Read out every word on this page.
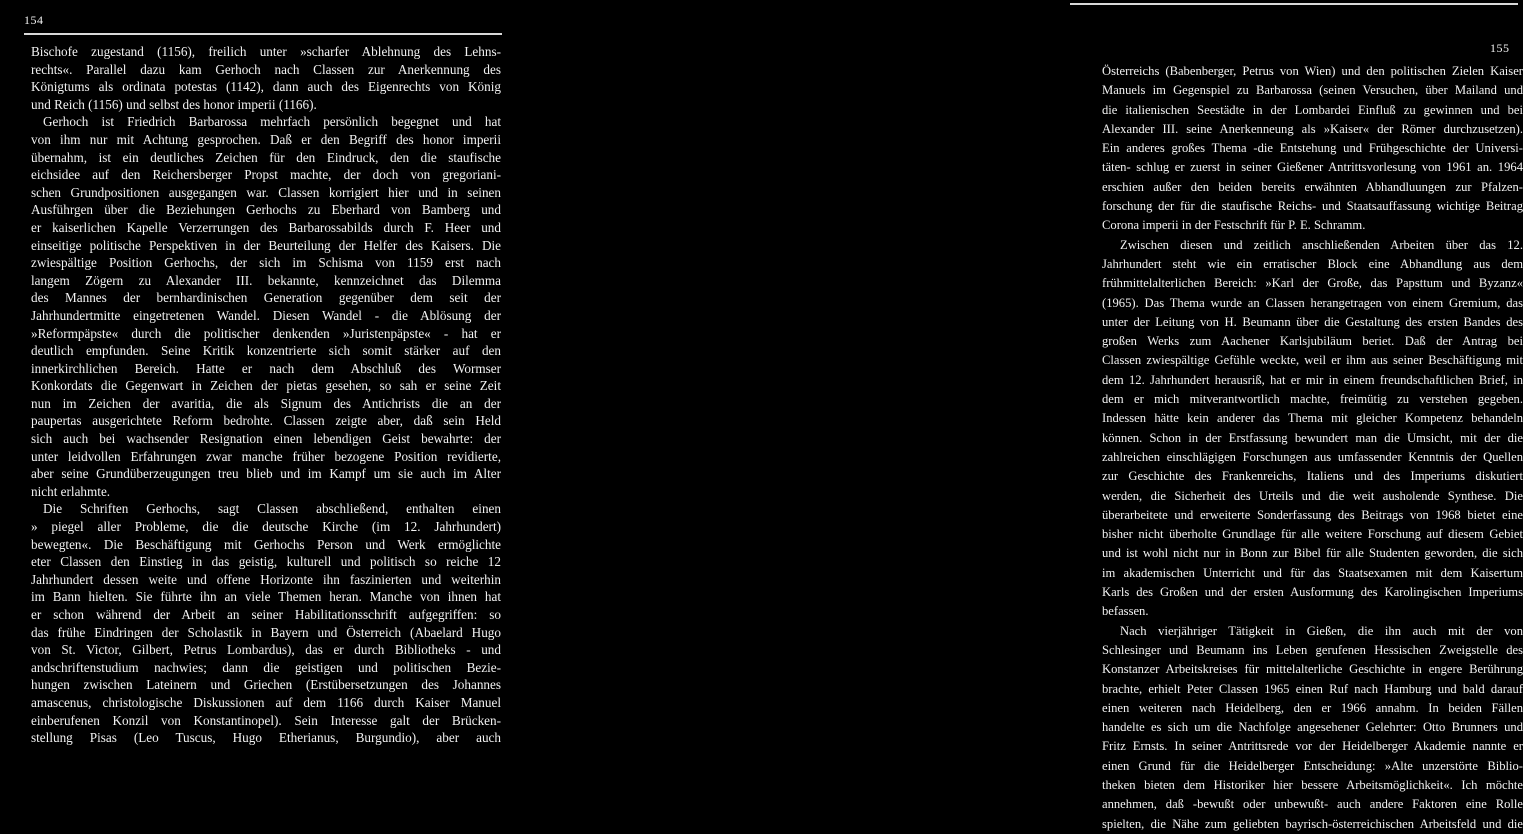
154
Bischofe zugestand (1156), freilich unter »scharfer Ablehnung des Lehns-
rechts«. Parallel dazu kam Gerhoch nach Classen zur Anerkennung des
Königtums als ordinata potestas (1142), dann auch des Eigenrechts von König
und Reich (1156) und selbst des honor imperii (1166).
Gerhoch ist Friedrich Barbarossa mehrfach persönlich begegnet und hat
von ihm nur mit Achtung gesprochen. Daß er den Begriff des honor imperii
übernahm, ist ein deutliches Zeichen für den Eindruck, den die staufische
eichsidee auf den Reichersberger Propst machte, der doch von gregoriani-
schen Grundpositionen ausgegangen war. Classen korrigiert hier und in seinen
Ausführgen über die Beziehungen Gerhochs zu Eberhard von Bamberg und
er kaiserlichen Kapelle Verzerrungen des Barbarossabilds durch F. Heer und
einseitige politische Perspektiven in der Beurteilung der Helfer des Kaisers. Die
zwiespältige Position Gerhochs, der sich im Schisma von 1159 erst nach
langem Zögern zu Alexander III. bekannte, kennzeichnet das Dilemma
des Mannes der bernhardinischen Generation gegenüber dem seit der
Jahrhundertmitte eingetretenen Wandel. Diesen Wandel - die Ablösung der
»Reformpäpste« durch die politischer denkenden »Juristenpäpste« - hat er
deutlich empfunden. Seine Kritik konzentrierte sich somit stärker auf den
innerkirchlichen Bereich. Hatte er nach dem Abschluß des Wormser
Konkordats die Gegenwart in Zeichen der pietas gesehen, so sah er seine Zeit
nun im Zeichen der avaritia, die als Signum des Antichrists die an der
paupertas ausgerichtete Reform bedrohte. Classen zeigte aber, daß sein Held
sich auch bei wachsender Resignation einen lebendigen Geist bewahrte: der
unter leidvollen Erfahrungen zwar manche früher bezogene Position revidierte,
aber seine Grundüberzeugungen treu blieb und im Kampf um sie auch im Alter
nicht erlahmte.
Die Schriften Gerhochs, sagt Classen abschließend, enthalten einen
» piegel aller Probleme, die die deutsche Kirche (im 12. Jahrhundert)
bewegten«. Die Beschäftigung mit Gerhochs Person und Werk ermöglichte
eter Classen den Einstieg in das geistig, kulturell und politisch so reiche 12
Jahrhundert dessen weite und offene Horizonte ihn faszinierten und weiterhin
im Bann hielten. Sie führte ihn an viele Themen heran. Manche von ihnen hat
er schon während der Arbeit an seiner Habilitationsschrift aufgegriffen: so
das frühe Eindringen der Scholastik in Bayern und Österreich (Abaelard Hugo
von St. Victor, Gilbert, Petrus Lombardus), das er durch Bibliotheks - und
andschriftenstudium nachwies; dann die geistigen und politischen Bezie-
hungen zwischen Lateinern und Griechen (Erstübersetzungen des Johannes
amascenus, christologische Diskussionen auf dem 1166 durch Kaiser Manuel
einberufenen Konzil von Konstantinopel). Sein Interesse galt der Brücken-
stellung Pisas (Leo Tuscus, Hugo Etherianus, Burgundio), aber auch
155
Österreichs (Babenberger, Petrus von Wien) und den politischen Zielen Kaiser
Manuels im Gegenspiel zu Barbarossa (seinen Versuchen, über Mailand und
die italienischen Seestädte in der Lombardei Einfluß zu gewinnen und bei
Alexander III. seine Anerkenneung als »Kaiser« der Römer durchzusetzen).
Ein anderes großes Thema -die Entstehung und Frühgeschichte der Universi-
täten- schlug er zuerst in seiner Gießener Antrittsvorlesung von 1961 an. 1964
erschien außer den beiden bereits erwähnten Abhandluungen zur Pfalzen-
forschung der für die staufische Reichs- und Staatsauffassung wichtige Beitrag
Corona imperii in der Festschrift für P. E. Schramm.
Zwischen diesen und zeitlich anschließenden Arbeiten über das 12.
Jahrhundert steht wie ein erratischer Block eine Abhandlung aus dem
frühmittelalterlichen Bereich: »Karl der Große, das Papsttum und Byzanz«
(1965). Das Thema wurde an Classen herangetragen von einem Gremium, das
unter der Leitung von H. Beumann über die Gestaltung des ersten Bandes des
großen Werks zum Aachener Karlsjubiläum beriet. Daß der Antrag bei
Classen zwiespältige Gefühle weckte, weil er ihm aus seiner Beschäftigung mit
dem 12. Jahrhundert herausriß, hat er mir in einem freundschaftlichen Brief, in
dem er mich mitverantwortlich machte, freimütig zu verstehen gegeben.
Indessen hätte kein anderer das Thema mit gleicher Kompetenz behandeln
können. Schon in der Erstfassung bewundert man die Umsicht, mit der die
zahlreichen einschlägigen Forschungen aus umfassender Kenntnis der Quellen
zur Geschichte des Frankenreichs, Italiens und des Imperiums diskutiert
werden, die Sicherheit des Urteils und die weit ausholende Synthese. Die
überarbeitete und erweiterte Sonderfassung des Beitrags von 1968 bietet eine
bisher nicht überholte Grundlage für alle weitere Forschung auf diesem Gebiet
und ist wohl nicht nur in Bonn zur Bibel für alle Studenten geworden, die sich
im akademischen Unterricht und für das Staatsexamen mit dem Kaisertum
Karls des Großen und der ersten Ausformung des Karolingischen Imperiums
befassen.
Nach vierjähriger Tätigkeit in Gießen, die ihn auch mit der von
Schlesinger und Beumann ins Leben gerufenen Hessischen Zweigstelle des
Konstanzer Arbeitskreises für mittelalterliche Geschichte in engere Berührung
brachte, erhielt Peter Classen 1965 einen Ruf nach Hamburg und bald darauf
einen weiteren nach Heidelberg, den er 1966 annahm. In beiden Fällen
handelte es sich um die Nachfolge angesehener Gelehrter: Otto Brunners und
Fritz Ernsts. In seiner Antrittsrede vor der Heidelberger Akademie nannte er
einen Grund für die Heidelberger Entscheidung: »Alte unzerstörte Biblio-
theken bieten dem Historiker hier bessere Arbeitsmöglichkeit«. Ich möchte
annehmen, daß -bewußt oder unbewußt- auch andere Faktoren eine Rolle
spielten, die Nähe zum geliebten bayrisch-österreichischen Arbeitsfeld und die
